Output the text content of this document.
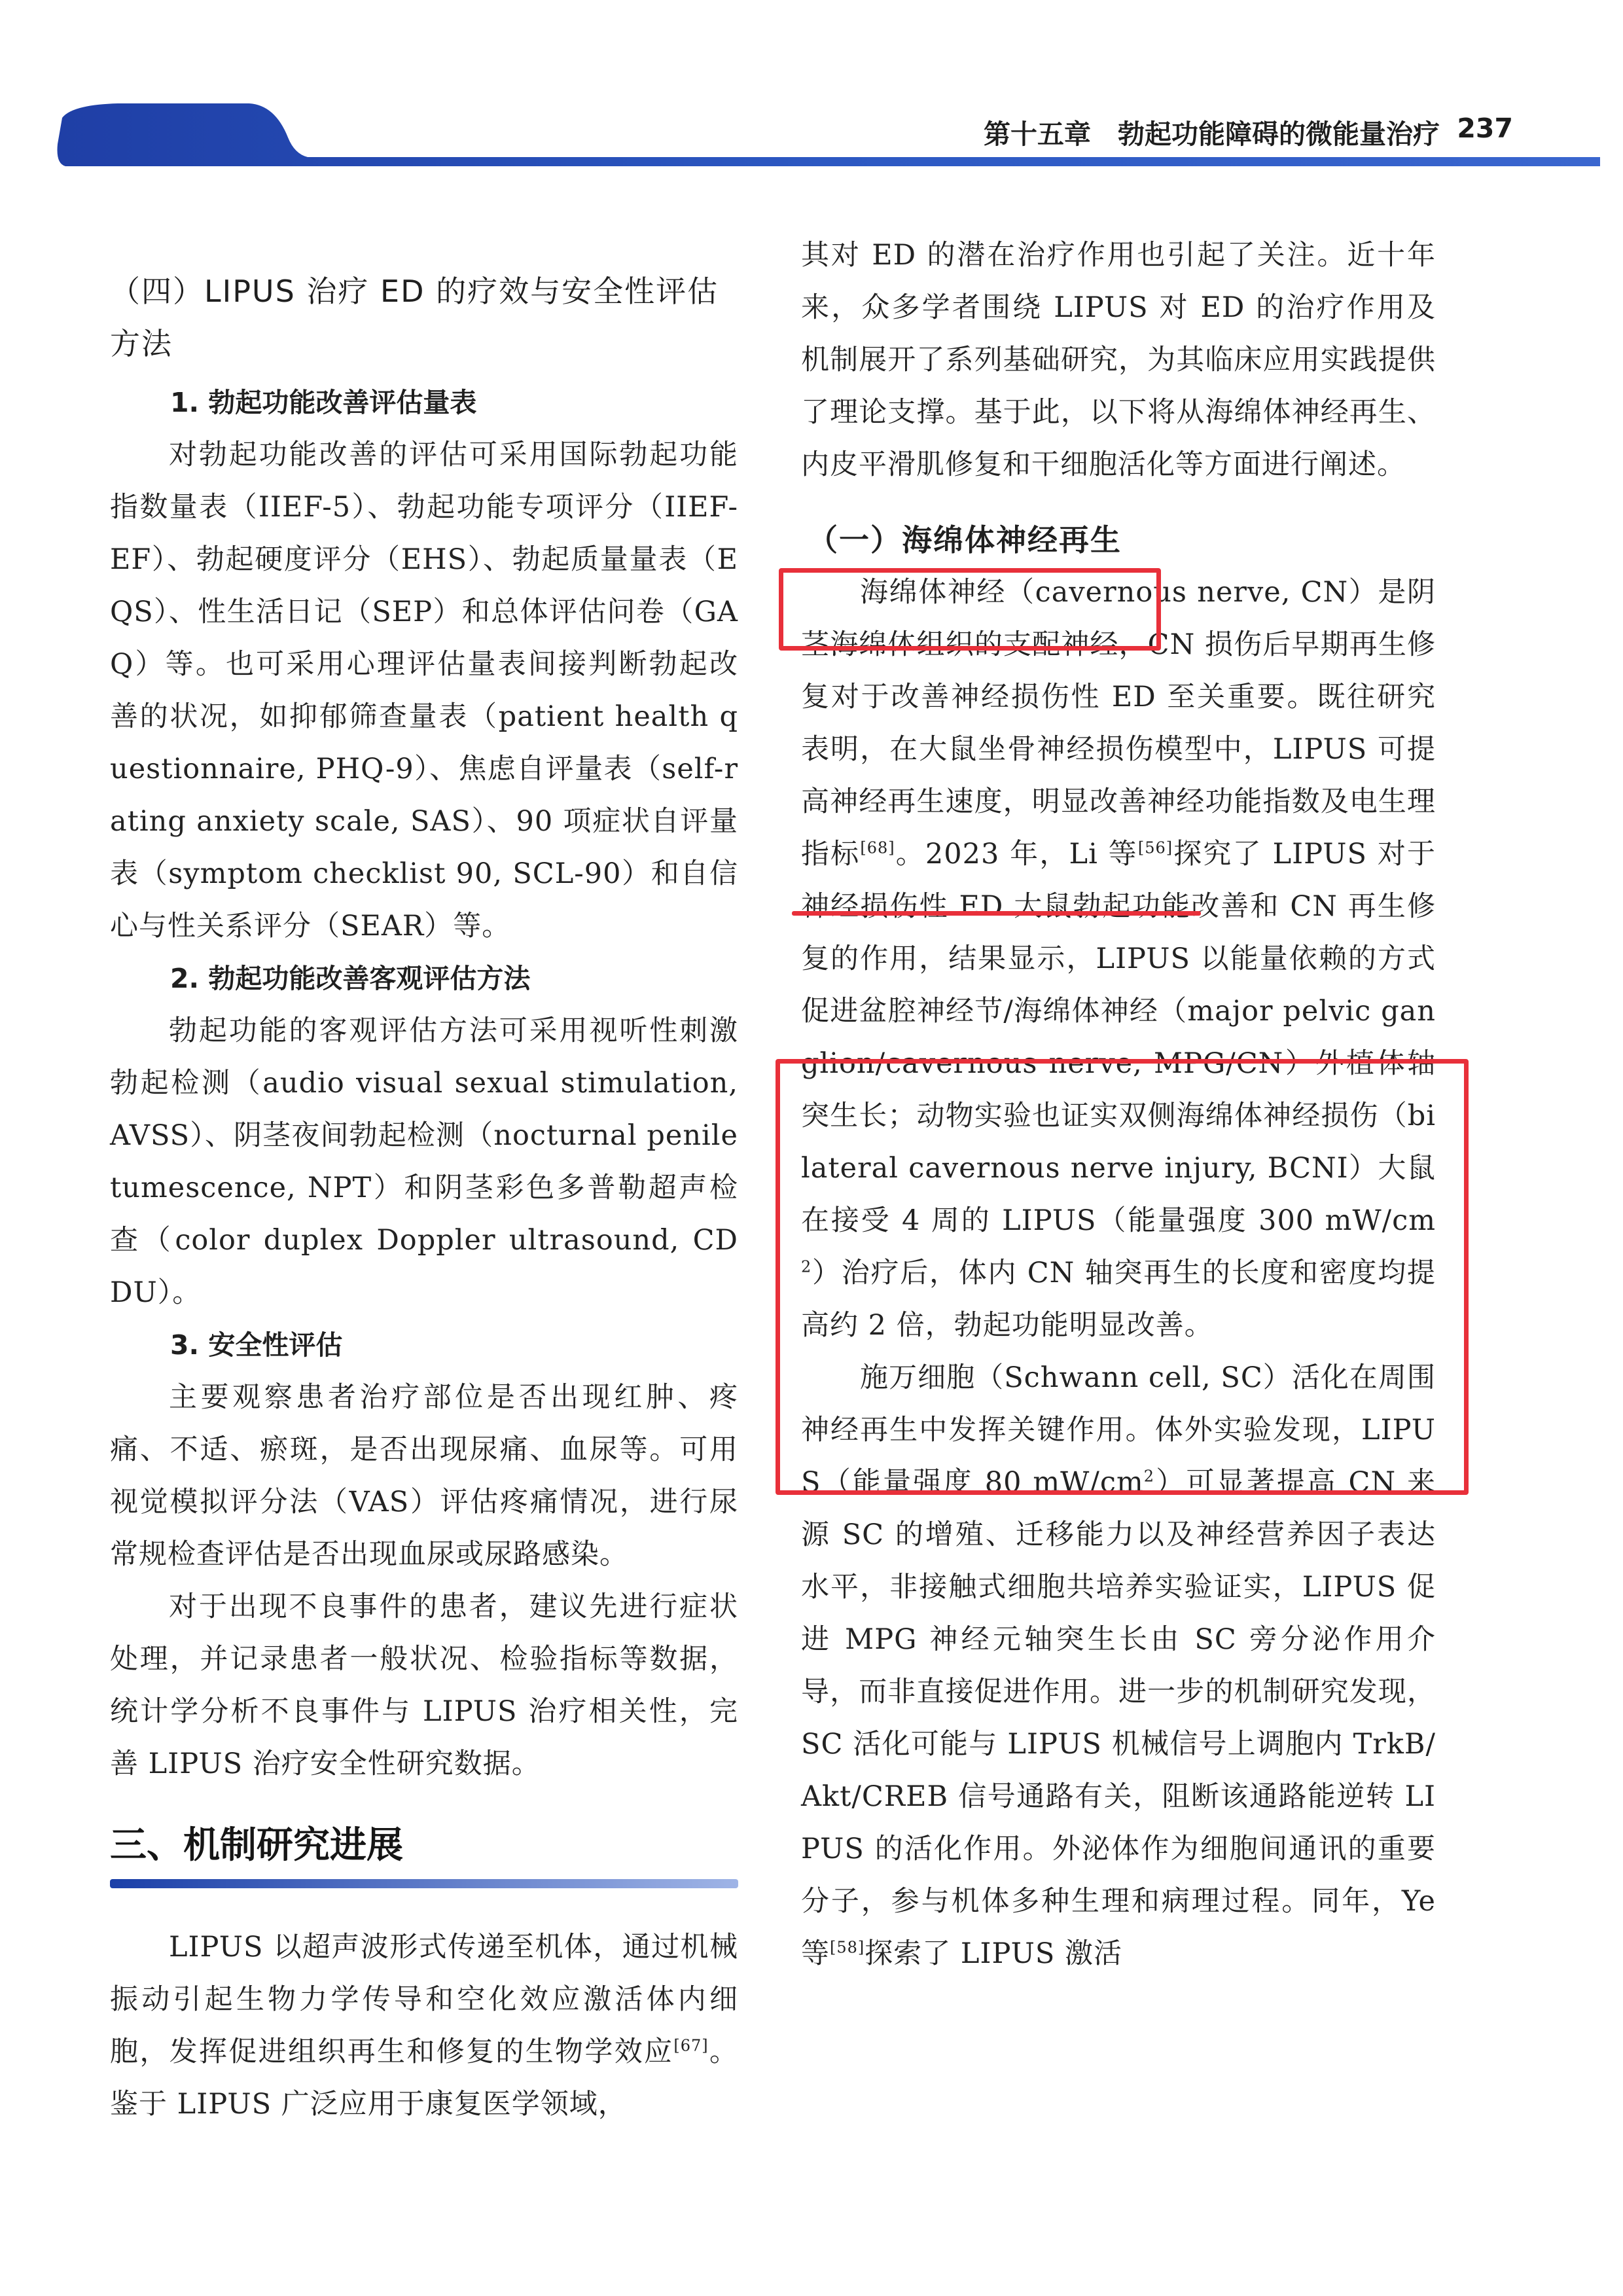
第十五章　勃起功能障碍的微能量治疗 237

（四）LIPUS 治疗 ED 的疗效与安全性评估方法

1. 勃起功能改善评估量表

对勃起功能改善的评估可采用国际勃起功能指数量表（IIEF-5）、勃起功能专项评分（IIEF-EF）、勃起硬度评分（EHS）、勃起质量量表（EQS）、性生活日记（SEP）和总体评估问卷（GAQ）等。也可采用心理评估量表间接判断勃起改善的状况，如抑郁筛查量表（patient health questionnaire, PHQ-9）、焦虑自评量表（self-rating anxiety scale, SAS）、90 项症状自评量表（symptom checklist 90, SCL-90）和自信心与性关系评分（SEAR）等。

2. 勃起功能改善客观评估方法

勃起功能的客观评估方法可采用视听性刺激勃起检测（audio visual sexual stimulation, AVSS）、阴茎夜间勃起检测（nocturnal penile tumescence, NPT）和阴茎彩色多普勒超声检查（color duplex Doppler ultrasound, CDDU）。

3. 安全性评估

主要观察患者治疗部位是否出现红肿、疼痛、不适、瘀斑，是否出现尿痛、血尿等。可用视觉模拟评分法（VAS）评估疼痛情况，进行尿常规检查评估是否出现血尿或尿路感染。

对于出现不良事件的患者，建议先进行症状处理，并记录患者一般状况、检验指标等数据，统计学分析不良事件与 LIPUS 治疗相关性，完善 LIPUS 治疗安全性研究数据。

三、机制研究进展

LIPUS 以超声波形式传递至机体，通过机械振动引起生物力学传导和空化效应激活体内细胞，发挥促进组织再生和修复的生物学效应[67]。鉴于 LIPUS 广泛应用于康复医学领域，

其对 ED 的潜在治疗作用也引起了关注。近十年来，众多学者围绕 LIPUS 对 ED 的治疗作用及机制展开了系列基础研究，为其临床应用实践提供了理论支撑。基于此，以下将从海绵体神经再生、内皮平滑肌修复和干细胞活化等方面进行阐述。

（一）海绵体神经再生

海绵体神经（cavernous nerve, CN）是阴茎海绵体组织的支配神经，CN 损伤后早期再生修复对于改善神经损伤性 ED 至关重要。既往研究表明，在大鼠坐骨神经损伤模型中，LIPUS 可提高神经再生速度，明显改善神经功能指数及电生理指标[68]。2023 年，Li 等[56]探究了 LIPUS 对于神经损伤性 ED 大鼠勃起功能改善和 CN 再生修复的作用，结果显示，LIPUS 以能量依赖的方式促进盆腔神经节/海绵体神经（major pelvic ganglion/cavernous nerve, MPG/CN）外植体轴突生长；动物实验也证实双侧海绵体神经损伤（bilateral cavernous nerve injury, BCNI）大鼠在接受 4 周的 LIPUS（能量强度 300 $mW/cm^2$）治疗后，体内 CN 轴突再生的长度和密度均提高约 2 倍，勃起功能明显改善。

施万细胞（Schwann cell, SC）活化在周围神经再生中发挥关键作用。体外实验发现，LIPUS（能量强度 80 $mW/cm^2$）可显著提高 CN 来源 SC 的增殖、迁移能力以及神经营养因子表达水平，非接触式细胞共培养实验证实，LIPUS 促进 MPG 神经元轴突生长由 SC 旁分泌作用介导，而非直接促进作用。进一步的机制研究发现，SC 活化可能与 LIPUS 机械信号上调胞内 TrkB/Akt/CREB 信号通路有关，阻断该通路能逆转 LIPUS 的活化作用。外泌体作为细胞间通讯的重要分子，参与机体多种生理和病理过程。同年，Ye 等[58]探索了 LIPUS 激活
